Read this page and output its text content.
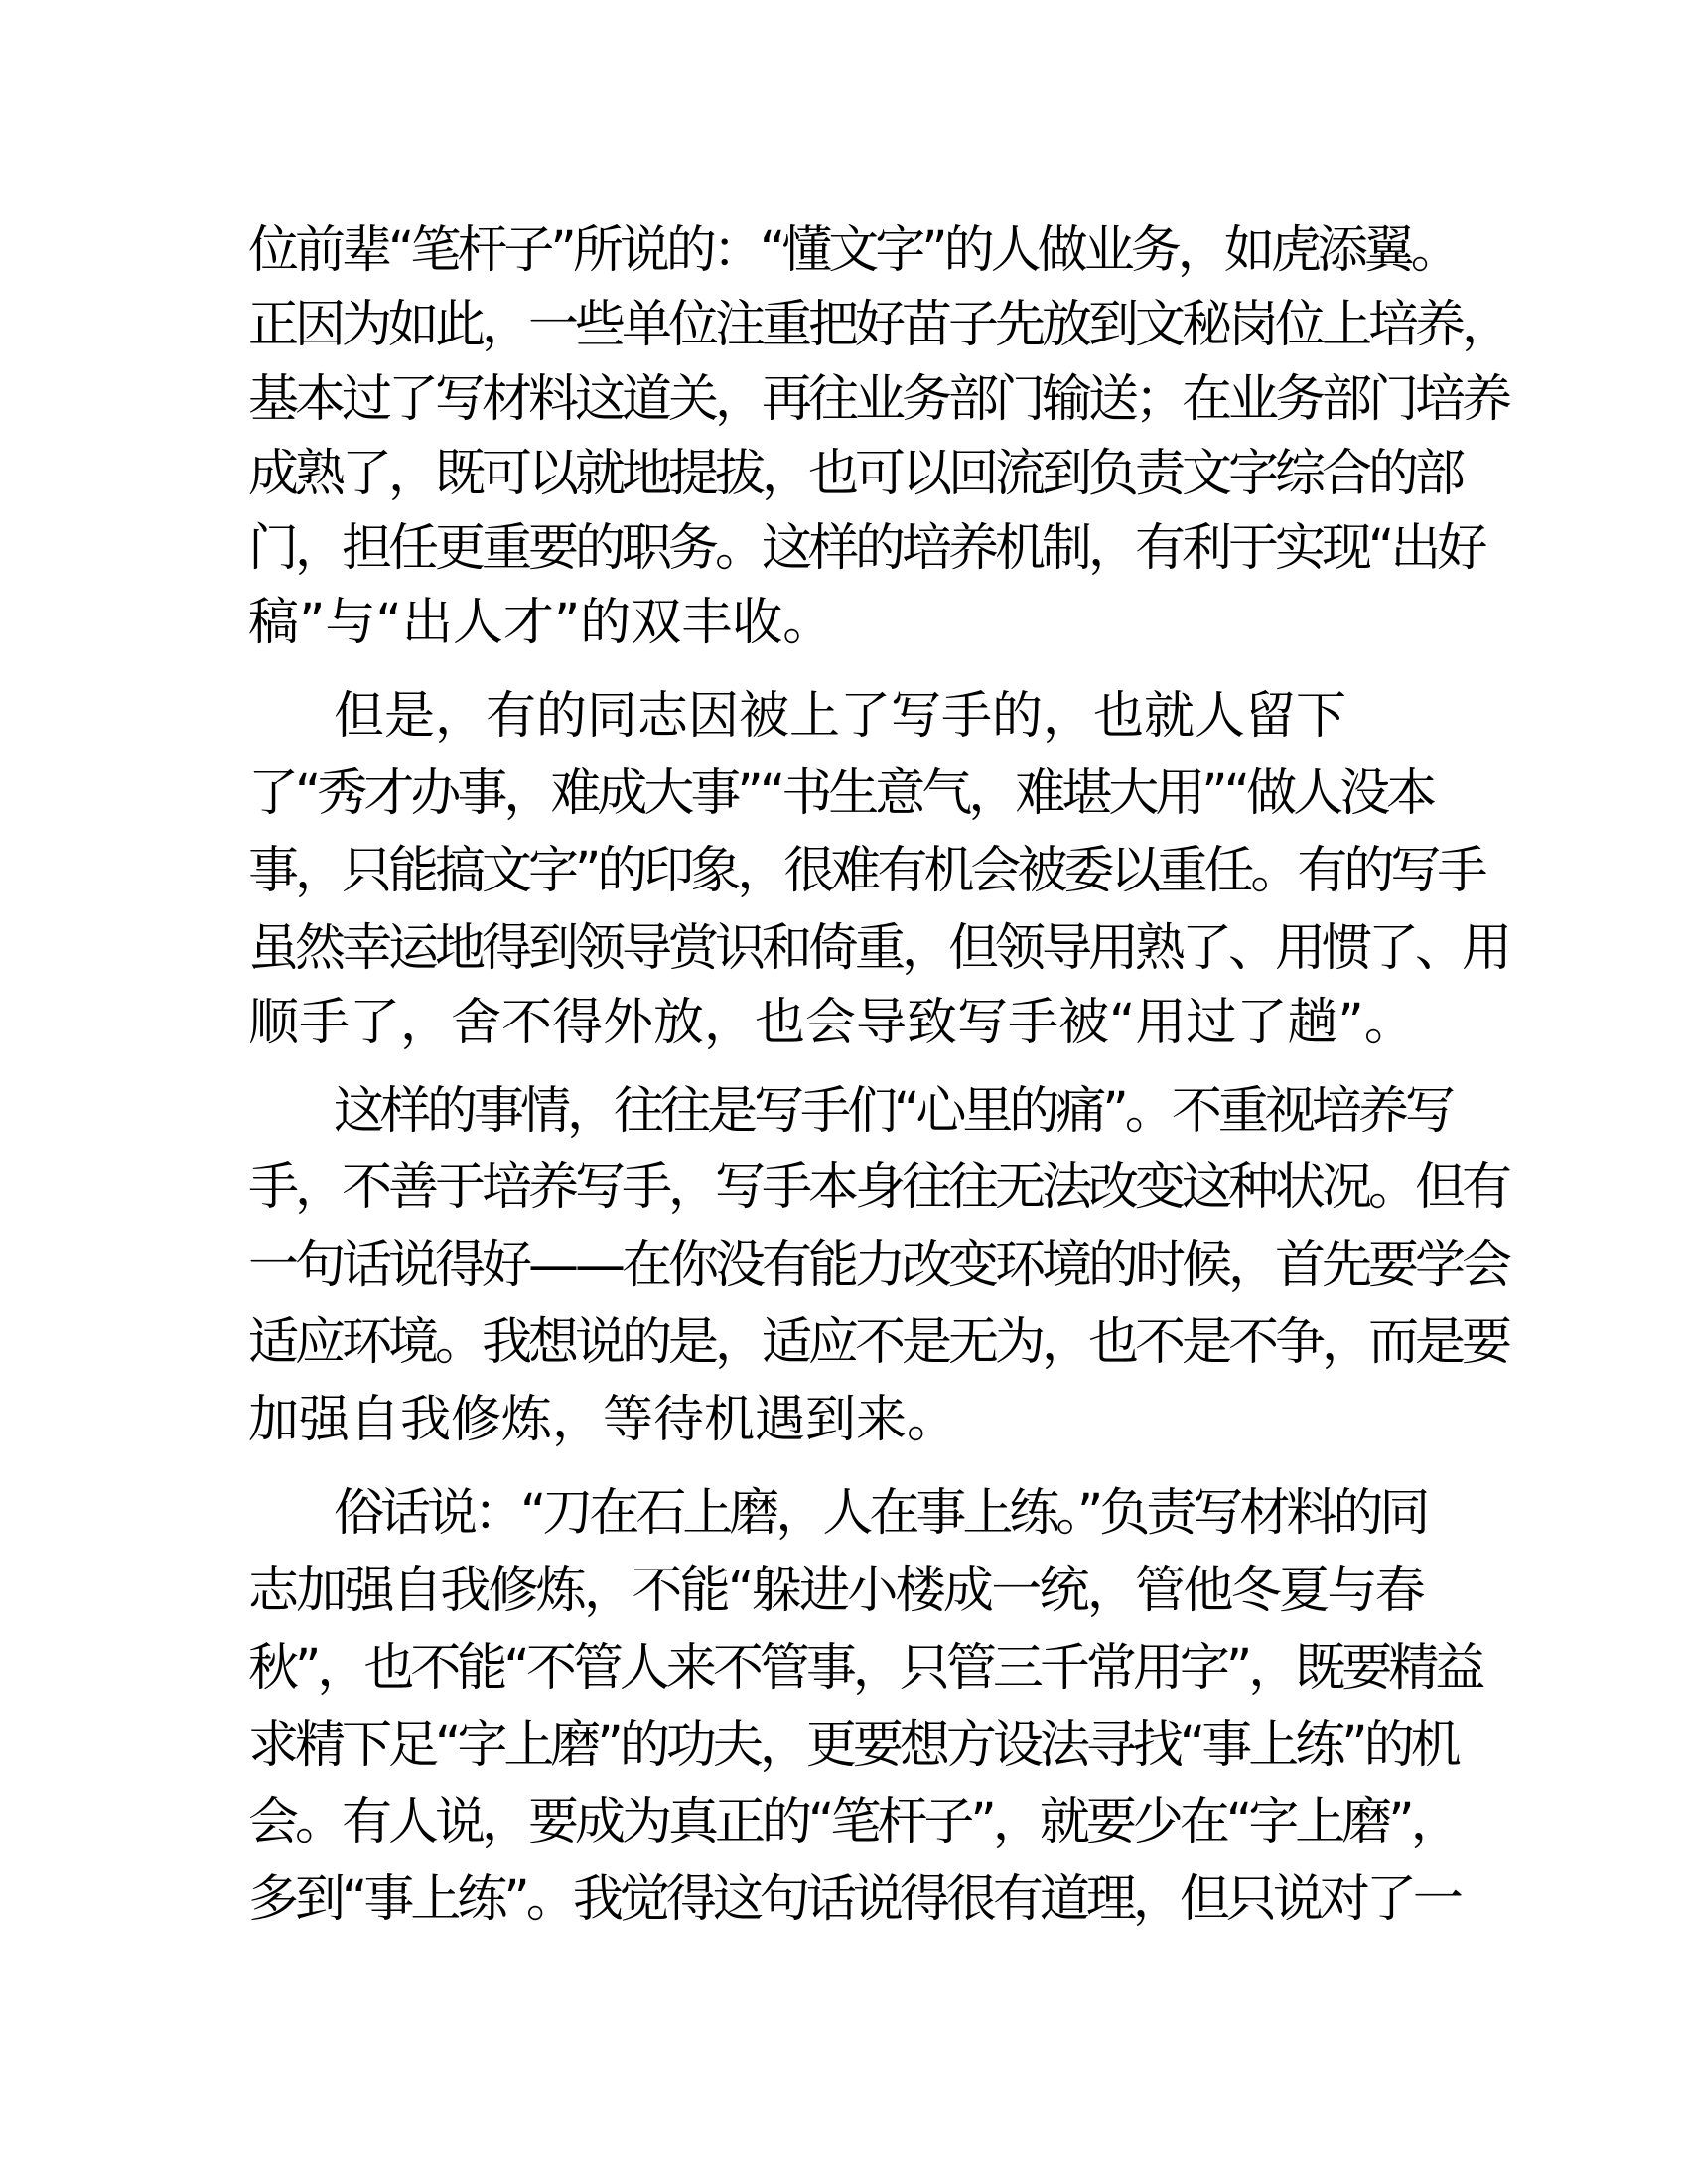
位前辈“笔杆子”所说的：“懂文字”的人做业务，如虎添翼。
正因为如此，一些单位注重把好苗子先放到文秘岗位上培养，
基本过了写材料这道关，再往业务部门输送；在业务部门培养
成熟了，既可以就地提拔，也可以回流到负责文字综合的部
门，担任更重要的职务。这样的培养机制，有利于实现“出好
稿”与“出人才”的双丰收。
但是，有的同志因被上了写手的，也就人留下
了“秀才办事，难成大事”“书生意气，难堪大用”“做人没本
事，只能搞文字”的印象，很难有机会被委以重任。有的写手
虽然幸运地得到领导赏识和倚重，但领导用熟了、用惯了、用
顺手了，舍不得外放，也会导致写手被“用过了趟”。
这样的事情，往往是写手们“心里的痛”。不重视培养写
手，不善于培养写手，写手本身往往无法改变这种状况。但有
一句话说得好——在你没有能力改变环境的时候，首先要学会
适应环境。我想说的是，适应不是无为，也不是不争，而是要
加强自我修炼，等待机遇到来。
俗话说：“刀在石上磨，人在事上练。”负责写材料的同
志加强自我修炼，不能“躲进小楼成一统，管他冬夏与春
秋”，也不能“不管人来不管事，只管三千常用字”，既要精益
求精下足“字上磨”的功夫，更要想方设法寻找“事上练”的机
会。有人说，要成为真正的“笔杆子”，就要少在“字上磨”，
多到“事上练”。我觉得这句话说得很有道理，但只说对了一
